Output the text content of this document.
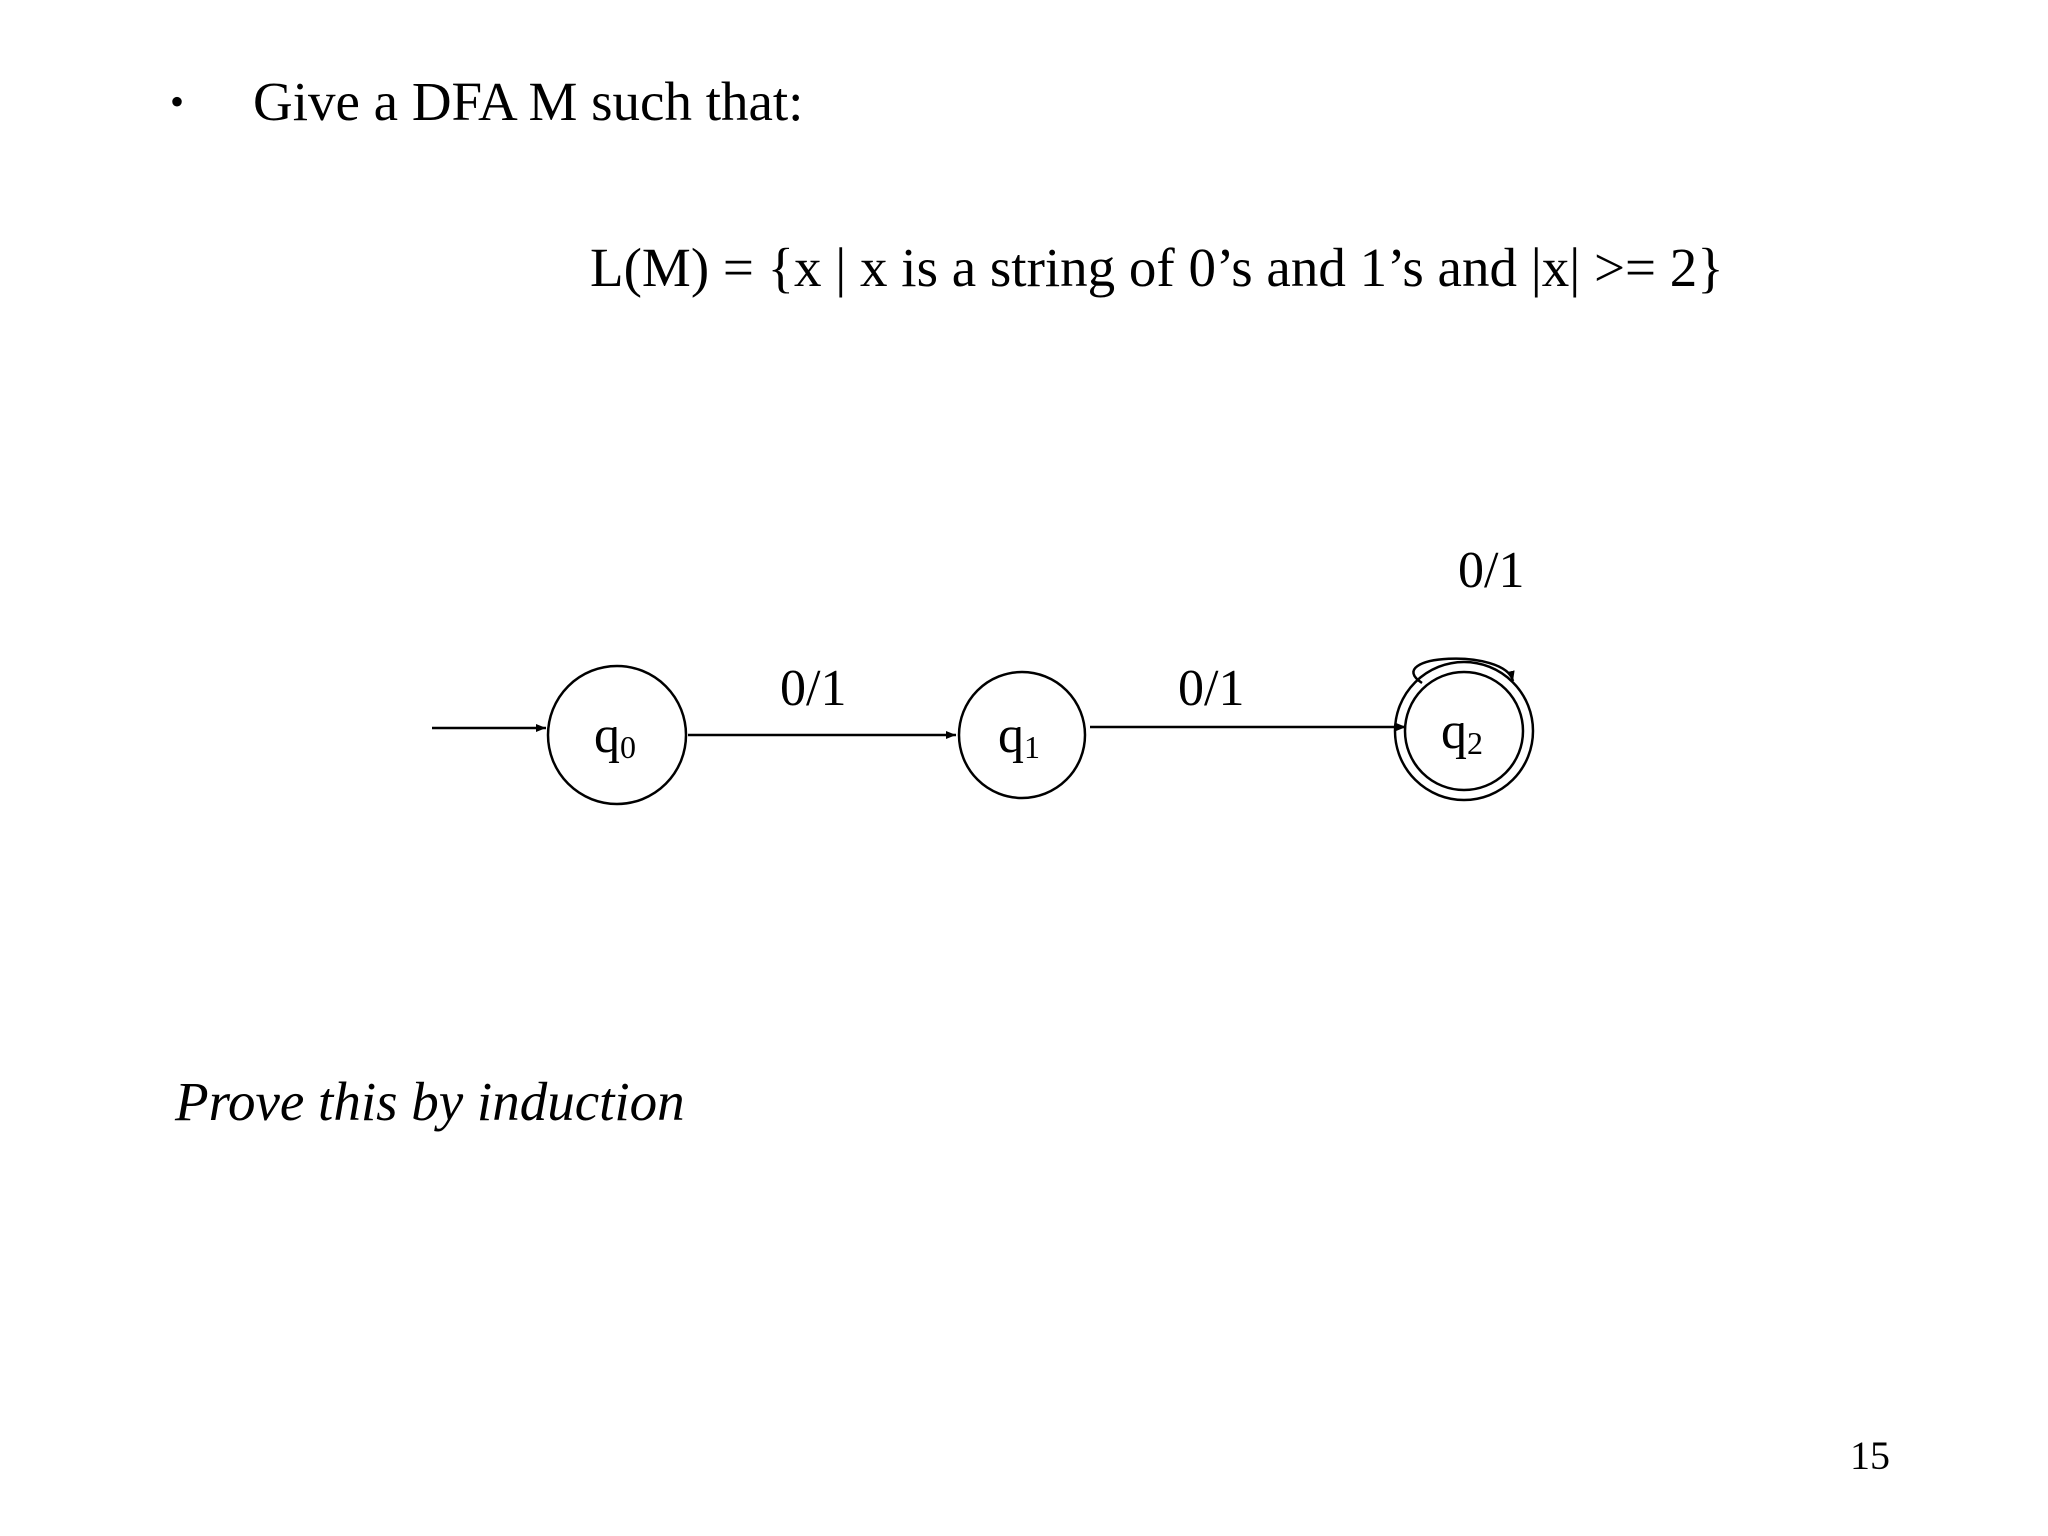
• Give a DFA M such that:
L(M) = {x | x is a string of 0’s and 1’s and |x| >= 2}
q0
0/1
q1
0/1
q2
0/1
Prove this by induction
15
